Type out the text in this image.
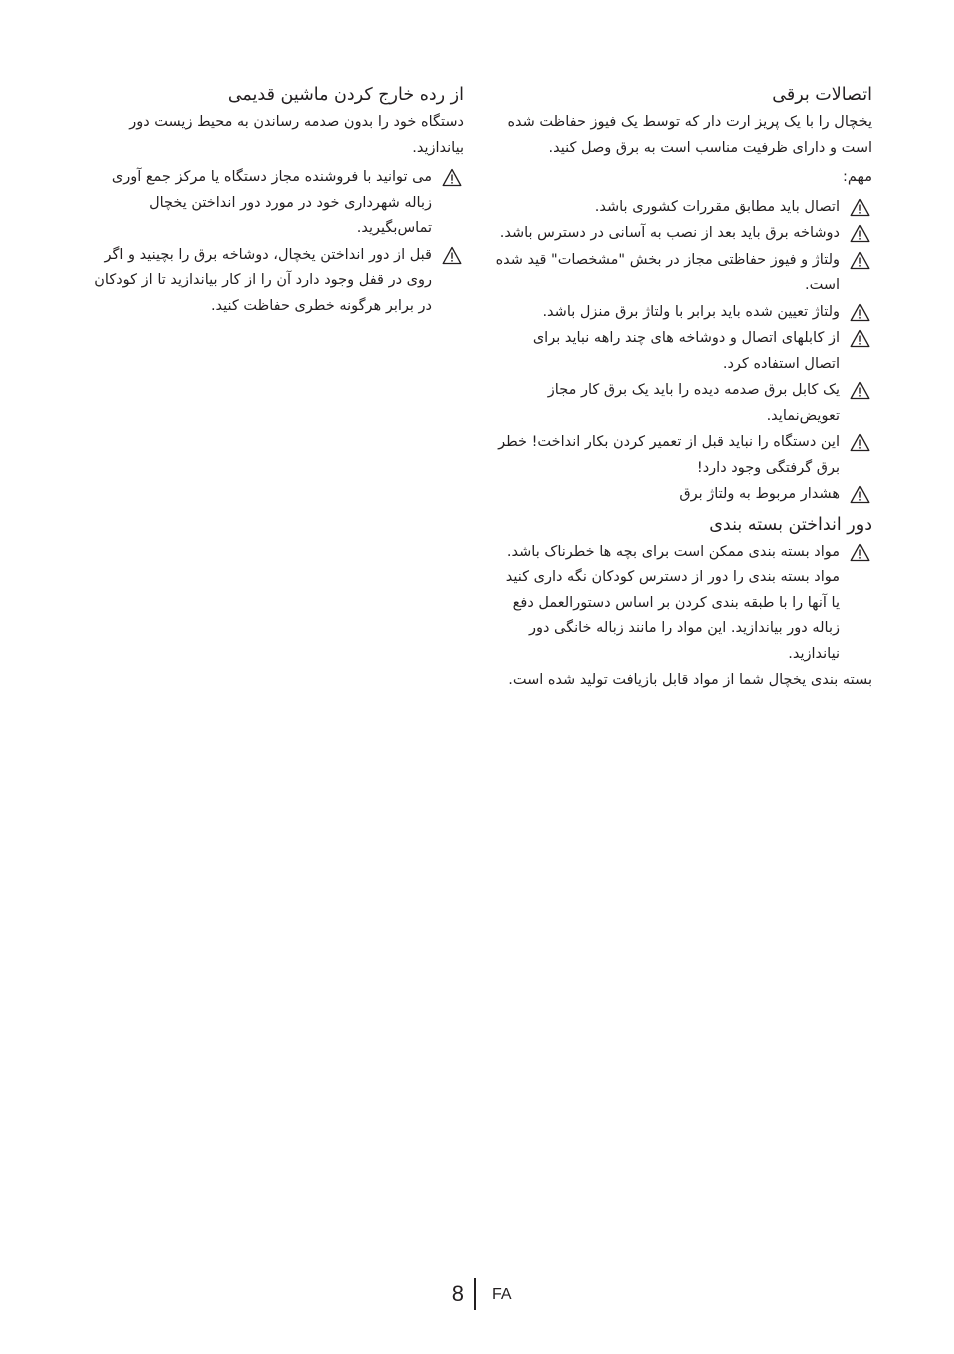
اتصالات برقی

یخچال را با یک پریز ارت دار که توسط یک فیوز حفاظت شده است و دارای ظرفیت مناسب است به برق وصل کنید.

مهم:

اتصال باید مطابق مقررات کشوری باشد.
دوشاخه برق باید بعد از نصب به آسانی در دسترس باشد.
ولتاژ و فیوز حفاظتی مجاز در بخش "مشخصات" قید شده است.
ولتاژ تعیین شده باید برابر با ولتاژ برق منزل باشد.
از کابلهای اتصال و دوشاخه های چند راهه نباید برای اتصال استفاده کرد.
یک کابل برق صدمه دیده را باید یک برق کار مجاز تعویض‌نماید.
این دستگاه را نباید قبل از تعمیر کردن بکار انداخت! خطر برق گرفتگی وجود دارد!
هشدار مربوط به ولتاژ برق
دور انداختن بسته بندی
مواد بسته بندی ممکن است برای بچه ها خطرناک باشد. مواد بسته بندی را دور از دسترس کودکان نگه داری کنید یا آنها را با طبقه بندی کردن بر اساس دستورالعمل دفع زباله دور بیاندازید. این مواد را مانند زباله خانگی دور نیاندازید.

بسته بندی یخچال شما از مواد قابل بازیافت تولید شده است.

از رده خارج کردن ماشین قدیمی

دستگاه خود را بدون صدمه رساندن به محیط زیست دور بیاندازید.

می توانید با فروشنده مجاز دستگاه یا مرکز جمع آوری زباله شهرداری خود در مورد دور انداختن یخچال تماس‌بگیرید.
قبل از دور انداختن یخچال، دوشاخه برق را بچینید و اگر روی در قفل وجود دارد آن را از کار بیاندازید تا از کودکان در برابر هرگونه خطری حفاظت کنید.
8 FA
